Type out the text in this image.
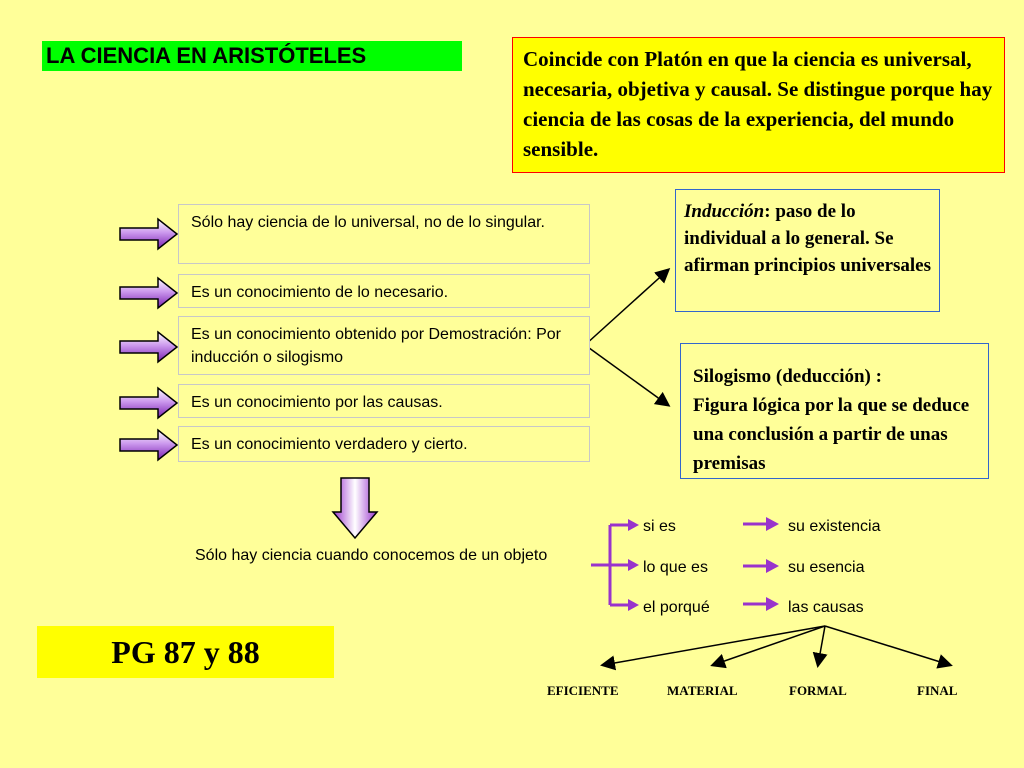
LA CIENCIA EN ARISTÓTELES	Coincide con Platón en que la ciencia es universal, necesaria, objetiva y causal. Se distingue porque hay ciencia de las cosas de la experiencia, del mundo sensible.
Sólo hay ciencia de lo universal, no de lo singular.
Es un conocimiento de lo necesario.
Es un conocimiento obtenido por Demostración: Por inducción o silogismo
Es un conocimiento por las causas.
Es un conocimiento verdadero y cierto.
Inducción: paso de lo individual a lo general. Se afirman principios universales
Silogismo (deducción) :
Figura lógica por la que se deduce una conclusión a partir de unas premisas
Sólo hay ciencia cuando conocemos de un objeto
si es
lo que es
el porqué
su existencia
su esencia
las causas
EFICIENTE	MATERIAL	FORMAL	FINAL
PG 87 y 88
